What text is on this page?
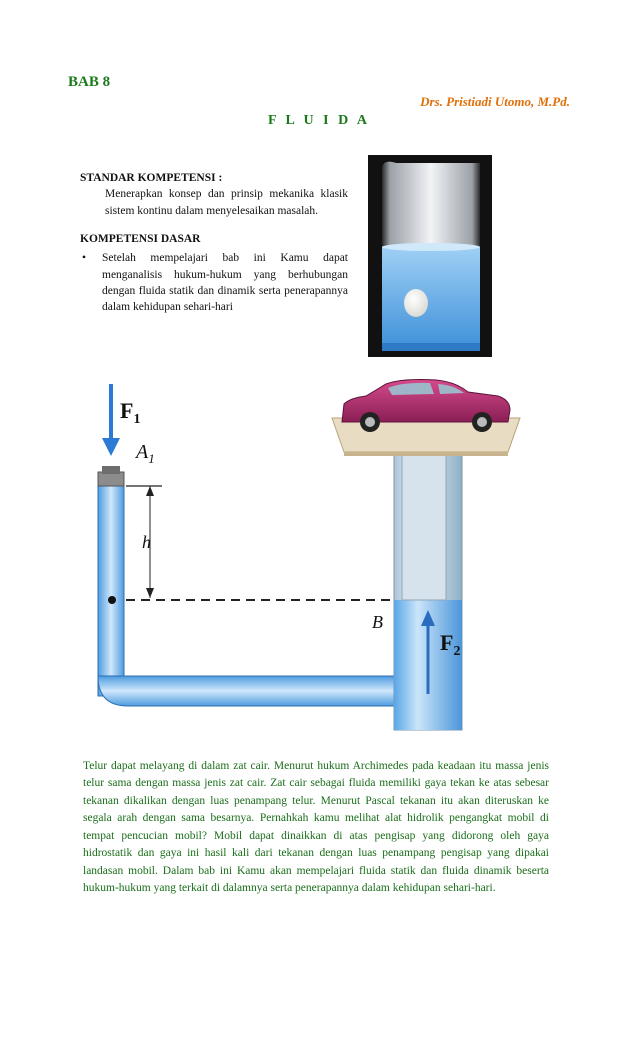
BAB 8
Drs. Pristiadi Utomo, M.Pd.
F L U I D A
STANDAR KOMPETENSI :
Menerapkan konsep dan prinsip mekanika klasik sistem kontinu dalam menyelesaikan masalah.
KOMPETENSI DASAR
•	Setelah mempelajari bab ini Kamu dapat menganalisis hukum-hukum yang berhubungan dengan fluida statik dan dinamik serta penerapannya dalam kehidupan sehari-hari
$F_1$
$A_1$
h
B
$F_2$
Telur dapat melayang di dalam zat cair. Menurut hukum Archimedes pada keadaan itu massa jenis telur sama dengan massa jenis zat cair. Zat cair sebagai fluida memiliki gaya tekan ke atas sebesar tekanan dikalikan dengan luas penampang telur. Menurut Pascal tekanan itu akan diteruskan ke segala arah dengan sama besarnya. Pernahkah kamu melihat alat hidrolik pengangkat mobil di tempat pencucian mobil? Mobil dapat dinaikkan di atas pengisap yang didorong oleh gaya hidrostatik dan gaya ini hasil kali dari tekanan dengan luas penampang pengisap yang dipakai landasan mobil. Dalam bab ini Kamu akan mempelajari fluida statik dan fluida dinamik beserta hukum-hukum yang terkait di dalamnya serta penerapannya dalam kehidupan sehari-hari.
